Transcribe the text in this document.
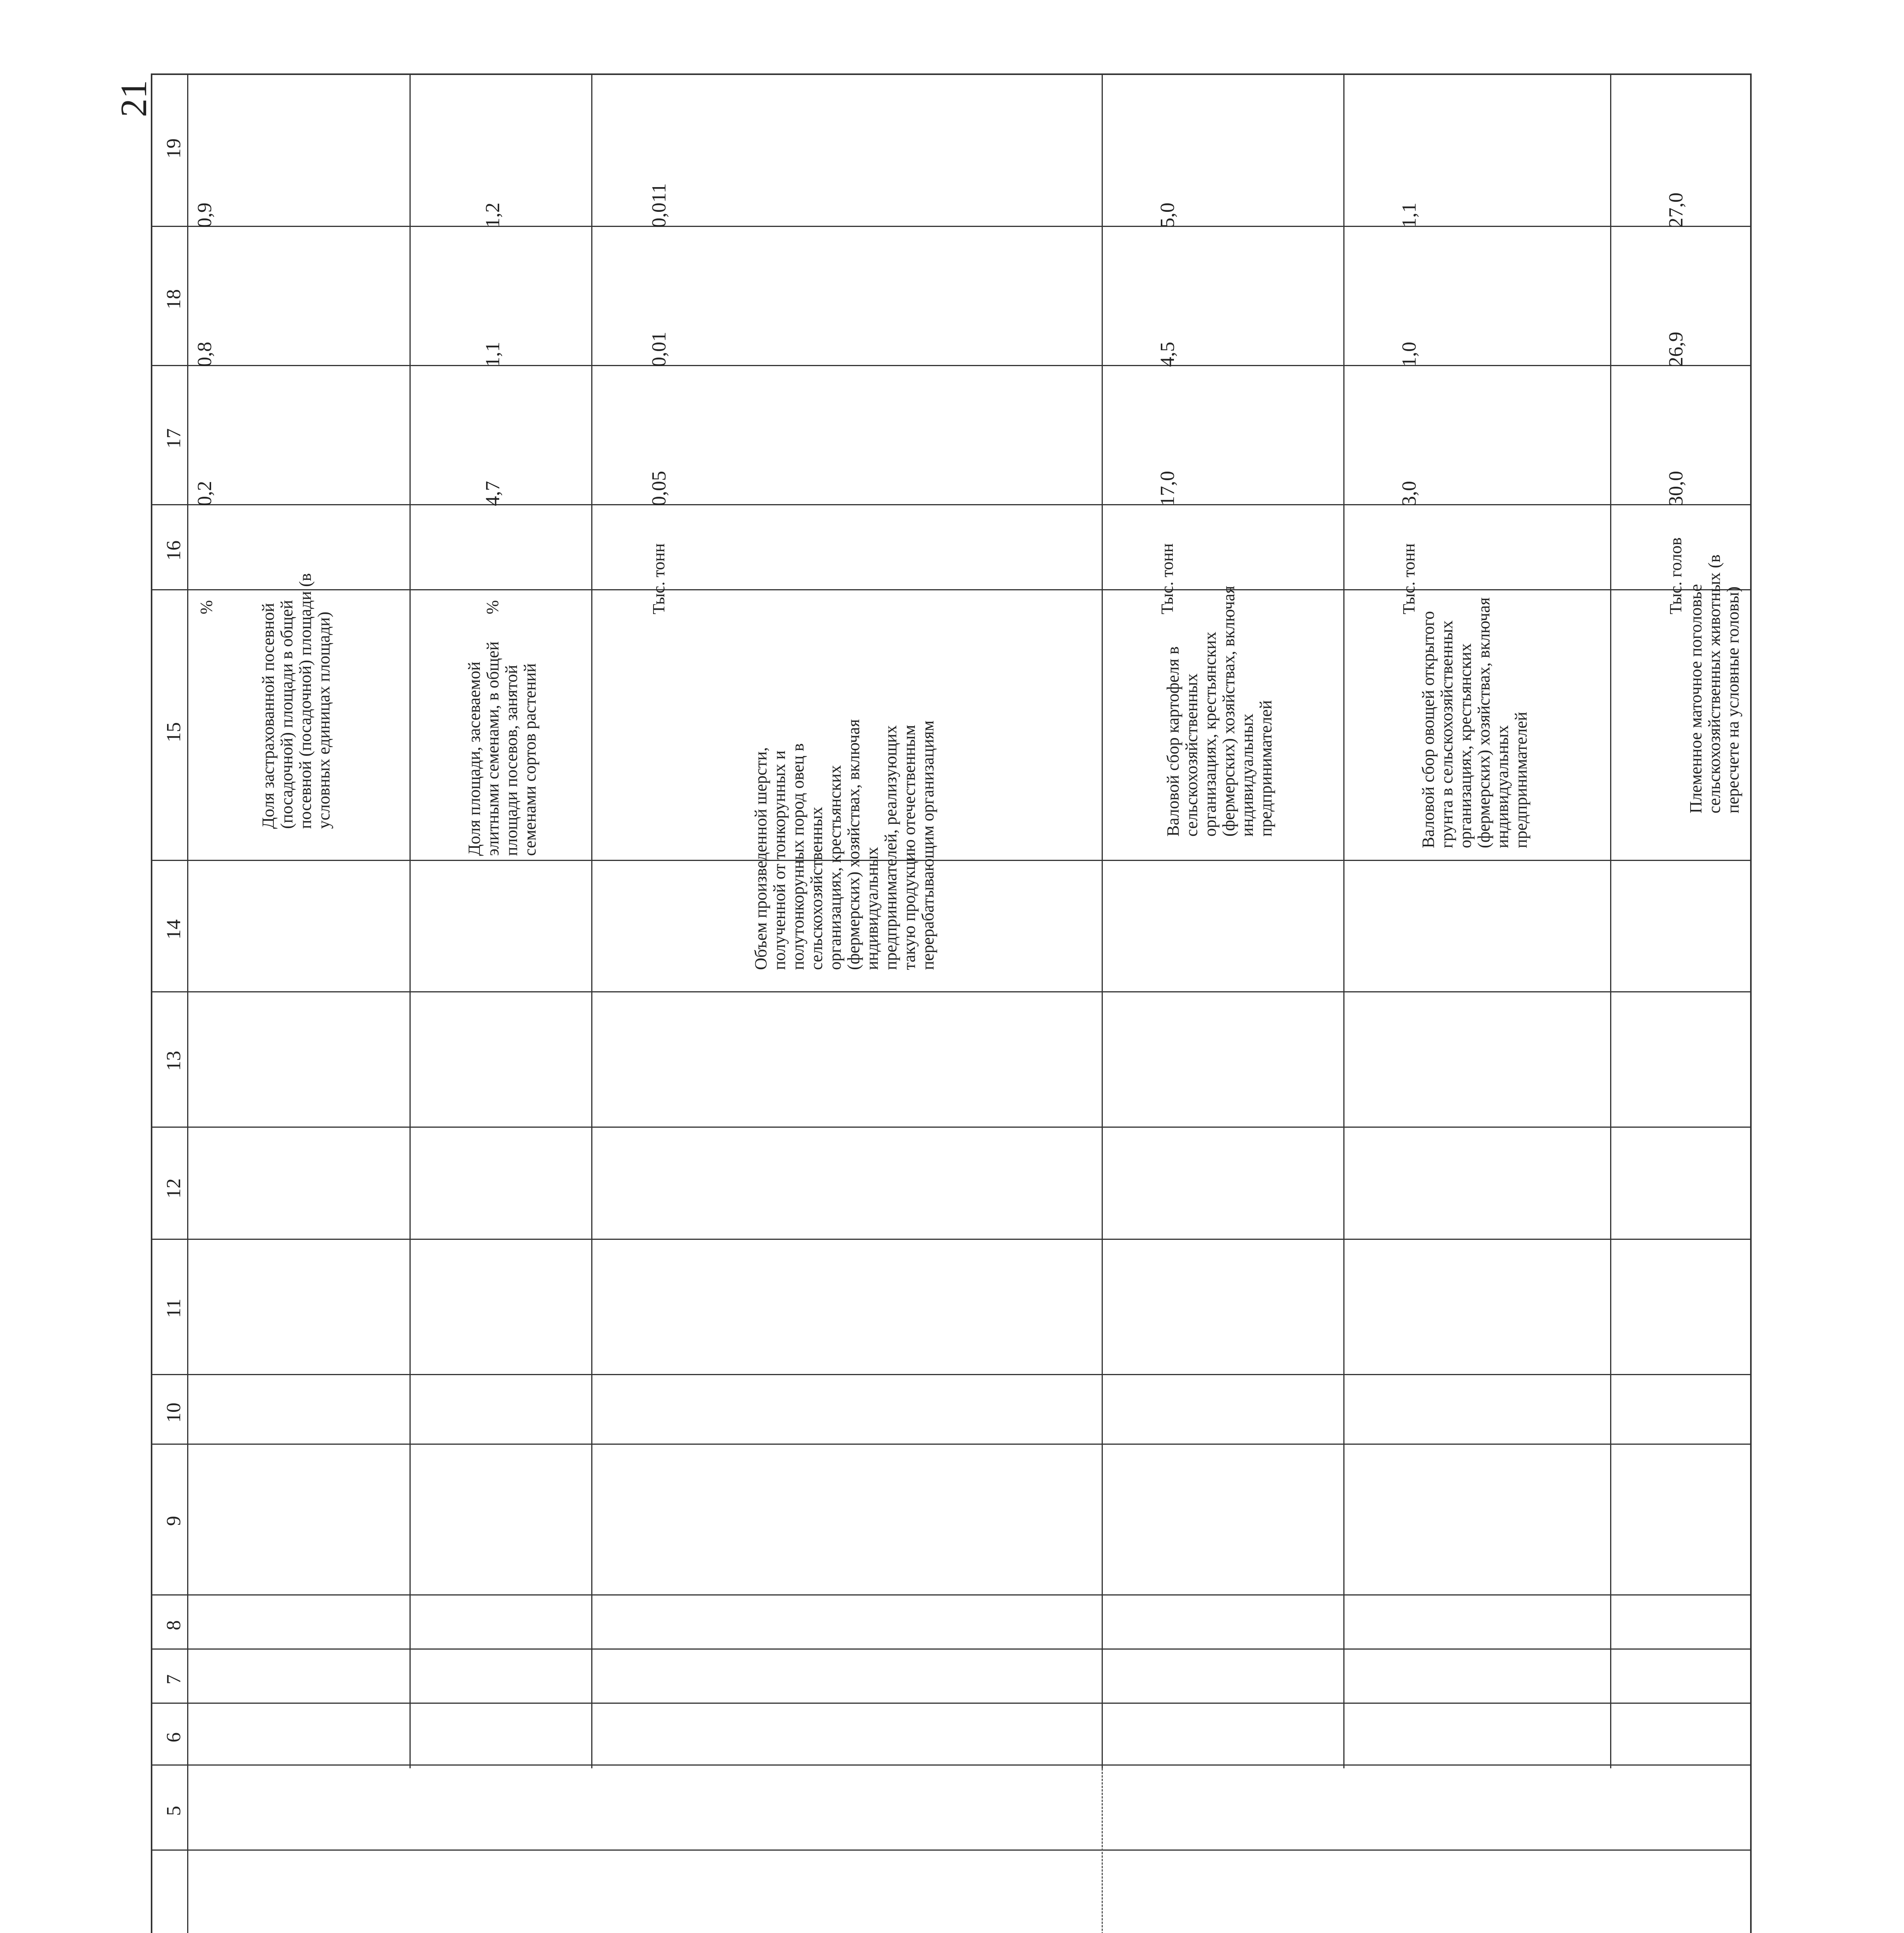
21
19
18
17
16
15
14
13
12
11
10
9
8
7
6
5
0,9
0,8
0,2
%	Доля застрахованной посевной (посадочной) площади в общей посевной (посадочной) площади (в условных единицах площади)
1,2
1,1
4,7
%
Доля площади, засеваемой элитными семенами, в общей площади посевов, занятой семенами сортов растений
0,011
0,01
0,05
Тыс. тонн
Объем произведенной шерсти, полученной от тонкорунных и полутонкорунных пород овец в сельскохозяйственных организациях, крестьянских (фермерских) хозяйствах, включая индивидуальных предпринимателей, реализующих такую продукцию отечественным перерабатывающим организациям
5,0
4,5
17,0
Тыс. тонн
Валовой сбор картофеля в сельскохозяйственных организациях, крестьянских (фермерских) хозяйствах, включая индивидуальных предпринимателей
1,1
1,0
3,0
Тыс. тонн
Валовой сбор овощей открытого грунта в сельскохозяйственных организациях, крестьянских (фермерских) хозяйствах, включая индивидуальных предпринимателей
27,0
26,9
30,0
Тыс. голов
Племенное маточное поголовье сельскохозяйственных животных (в пересчете на условные головы)
